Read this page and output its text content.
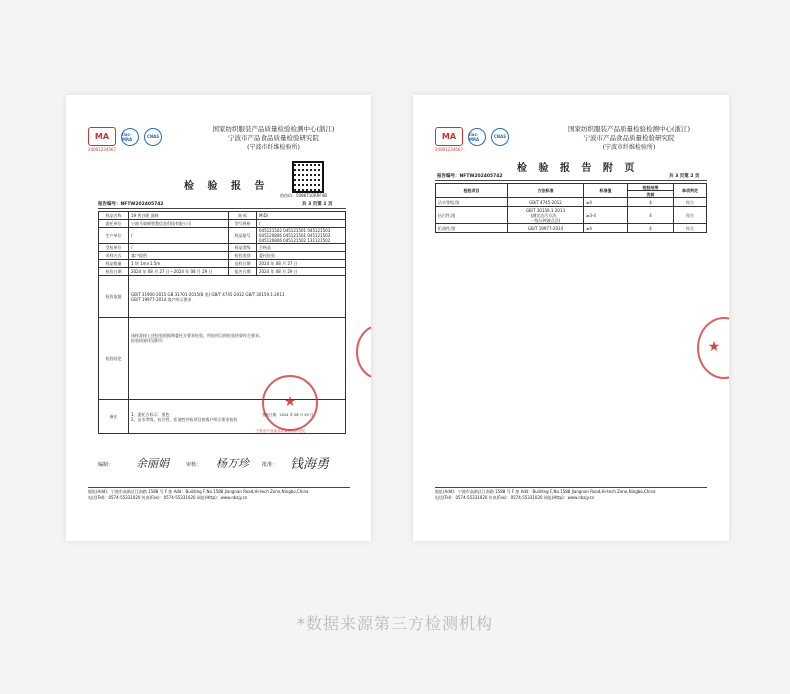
MA
24001234567
ilac-MRA	CNAS
国家纺织服装产品质量检验检测中心(浙江)
宁波市产品食品质量检验研究院
(宁波市纤维检验所)
检 验 报 告
防伪码：5086710RRF4B
报告编号：NFTW202405742	共 3 页第 1 页
样品名称	19 普白呢 面料	商 标	MiDi
委托单位	宁波马骑顿智慧信息科技有限公司	型号规格	/
生产单位	/	样品批号	045121502 045121501 045121503
045120806 045121501 045121503
045120806 045121502 131121502
受检单位	/	样品等级	合格品
采样方式	客户提供	检验类别	委托检验
样品数量	1 块 1m×1.5m	送样日期	2024 年 08 月 27 日
检验日期	2024 年 08 月 27 日～2024 年 08 月 29 日	报告日期	2024 年 08 月 29 日
检验依据	GB/T 31900-2015 GB 31701-2015(B 类) GB/T 4745-2012 GB/T 30159.1-2013
GB/T 19977-2014 客户明示要求		
检验结论	该样品按上述检验依据和委托方要求检验，所检项目的检验结果符合要求。
检验结果详见附页		

备注	1、委托方标示：黑色
2、沾水等级、抗污性、拒油性外检项目按客户明示要求检验		
★
宁波市产品食品质量检验研究院
签发日期：2024 年 08 月 29 日
编制： 余丽娟	审核： 杨万珍	批准： 钱海勇
地址(Add)：宁波市高新区江南路 1588 号 F 座 Add：Building F,No.1588 Jiangnan Road,Hi-tech Zone,Ningbo,China
电话(Tel)：0574-55331020 传真(Fax)：0574-55331020 网址(Http)：www.nbzjy.cn
MA
24001234567
ilac-MRA	CNAS
国家纺织服装产品质量检验检测中心(浙江)
宁波市产品食品质量检验研究院
(宁波市纤维检验所)
检 验 报 告 附 页
报告编号：NFTW202405742	共 3 页第 2 页
检验项目	方法标准	标准值	检验结果	单项判定
			洗前	
沾水等级,级	GB/T 4745-2012	≥4	4	符合
抗污性,级	GB/T 30159.1-2013
(测定沾污方法，
一级压榨液点法)	≥3-4	4	符合
拒油性,级	GB/T 19977-2014	≥4	4	符合
★
地址(Add)：宁波市高新区江南路 1588 号 F 座 Add：Building F,No.1588 Jiangnan Road,Hi-tech Zone,Ningbo,China
电话(Tel)：0574-55331020 传真(Fax)：0574-55331020 网址(Http)：www.nbzjy.cn
*数据来源第三方检测机构
